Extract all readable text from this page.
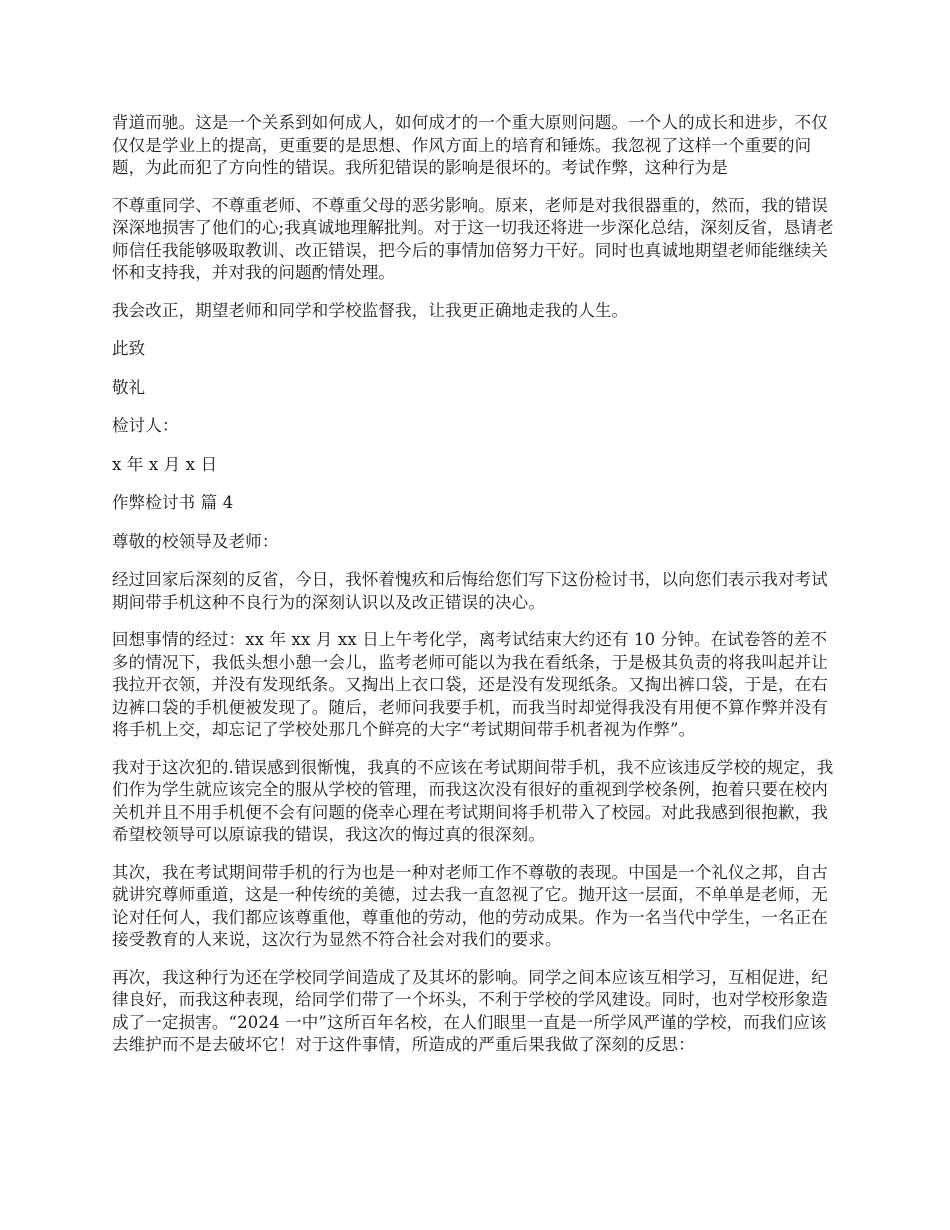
背道而驰。这是一个关系到如何成人，如何成才的一个重大原则问题。一个人的成长和进步，不仅仅仅是学业上的提高，更重要的是思想、作风方面上的培育和锤炼。我忽视了这样一个重要的问题，为此而犯了方向性的错误。我所犯错误的影响是很坏的。考试作弊，这种行为是

不尊重同学、不尊重老师、不尊重父母的恶劣影响。原来，老师是对我很器重的，然而，我的错误深深地损害了他们的心;我真诚地理解批判。对于这一切我还将进一步深化总结，深刻反省，恳请老师信任我能够吸取教训、改正错误，把今后的事情加倍努力干好。同时也真诚地期望老师能继续关怀和支持我，并对我的问题酌情处理。

我会改正，期望老师和同学和学校监督我，让我更正确地走我的人生。

此致

敬礼

检讨人：

x 年 x 月 x 日

作弊检讨书 篇 4

尊敬的校领导及老师：

经过回家后深刻的反省，今日，我怀着愧疚和后悔给您们写下这份检讨书，以向您们表示我对考试期间带手机这种不良行为的深刻认识以及改正错误的决心。

回想事情的经过：xx 年 xx 月 xx 日上午考化学，离考试结束大约还有 10 分钟。在试卷答的差不多的情况下，我低头想小憩一会儿，监考老师可能以为我在看纸条，于是极其负责的将我叫起并让我拉开衣领，并没有发现纸条。又掏出上衣口袋，还是没有发现纸条。又掏出裤口袋，于是，在右边裤口袋的手机便被发现了。随后，老师问我要手机，而我当时却觉得我没有用便不算作弊并没有将手机上交，却忘记了学校处那几个鲜亮的大字“考试期间带手机者视为作弊”。

我对于这次犯的.错误感到很惭愧，我真的不应该在考试期间带手机，我不应该违反学校的规定，我们作为学生就应该完全的服从学校的管理，而我这次没有很好的重视到学校条例，抱着只要在校内关机并且不用手机便不会有问题的侥幸心理在考试期间将手机带入了校园。对此我感到很抱歉，我希望校领导可以原谅我的错误，我这次的悔过真的很深刻。

其次，我在考试期间带手机的行为也是一种对老师工作不尊敬的表现。中国是一个礼仪之邦，自古就讲究尊师重道，这是一种传统的美德，过去我一直忽视了它。抛开这一层面，不单单是老师，无论对任何人，我们都应该尊重他，尊重他的劳动，他的劳动成果。作为一名当代中学生，一名正在接受教育的人来说，这次行为显然不符合社会对我们的要求。

再次，我这种行为还在学校同学间造成了及其坏的影响。同学之间本应该互相学习，互相促进，纪律良好，而我这种表现，给同学们带了一个坏头，不利于学校的学风建设。同时，也对学校形象造成了一定损害。“2024 一中”这所百年名校，在人们眼里一直是一所学风严谨的学校，而我们应该去维护而不是去破坏它！对于这件事情，所造成的严重后果我做了深刻的反思：
